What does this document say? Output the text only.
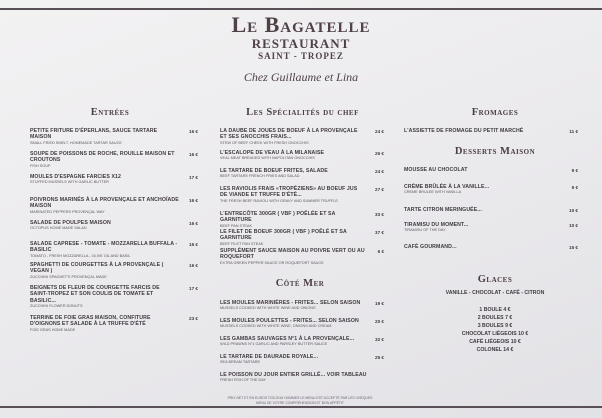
Le Bagatelle
RESTAURANT
SAINT - TROPEZ
Chez Guillaume et Lina
Entrées
PETITE FRITURE D'ÉPERLANS, SAUCE TARTARE MAISON
SMALL FRIED SMELT, HOMEMADE TARTAR SAUCE
16 €
SOUPE DE POISSONS DE ROCHE, ROUILLE MAISON ET CROUTONS
FISH SOUP
16 €
MOULES D'ESPAGNE FARCIES X12
STUFFED MUSSELS WITH GARLIC BUTTER
17 €
POIVRONS MARINÉS À LA PROVENÇALE ET ANCHOÏADE MAISON
MARINATED PEPPERS PROVENÇAL WAY
16 €
SALADE DE POULPES MAISON
OCTOPUS HOME MADE SALAD
16 €
SALADE CAPRESE - TOMATE - MOZZARELLA BUFFALA - BASILIC
TOMATO - FRESH MOZZARELLA - OLIVE OIL AND BASIL
16 €
SPAGHETTI DE COURGETTES À LA PROVENÇALE ( VEGAN )
ZUCCHINI SPAGHETTI PROVENÇAL MADE
16 €
BEIGNETS DE FLEUR DE COURGETTE FARCIS DE SAINT-TROPEZ ET SON COULIS DE TOMATE ET BASILIC...
ZUCCHINI FLOWER DONUTS
17 €
TERRINE DE FOIE GRAS MAISON, CONFITURE D'OIGNONS ET SALADE À LA TRUFFE D'ÉTÉ
FOIE GRAS HOME MADE
23 €
Les Spécialités du chef
LA DAUBE DE JOUES DE BOEUF À LA PROVENÇALE ET SES GNOCCHIS FRAIS...
STEW OF BEEF CHEEK WITH FRESH GNOCCHIS
24 €
L'ESCALOPE DE VEAU À LA MILANAISE
VEAL MEAT BREADED WITH NAPOLITAN GNOCCHIS
26 €
LE TARTARE DE BOEUF FRITES, SALADE
BEEF TARTARE FRENCH FRIES AND SALAD
24 €
LES RAVIOLIS FRAIS «TROPÉZIENS» AU BOEUF JUS DE VIANDE ET TRUFFE D'ÉTÉ...
THE FRESH BEEF RAVIOLI WITH GRAVY AND SUMMER TRUFFLE
27 €
L'ENTRECÔTE 300GR ( VBF ) POÊLÉE ET SA GARNITURE
BEEF PAN STEAK
33 €
LE FILET DE BOEUF 300GR ( VBF ) POÊLÉ ET SA GARNITURE
BEEF FILET PAN STEAK
37 €
SUPPLÉMENT SAUCE MAISON AU POIVRE VERT OU AU ROQUEFORT
EXTRA GREEN PEPPER SAUCE OR ROQUEFORT SAUCE
6 €
Côté Mer
LES MOULES MARINIÈRES - FRITES... SELON SAISON
MUSSELS COOKED WITH WHITE WINE AND ONIONS
19 €
LES MOULES POULETTES - FRITES... SELON SAISON
MUSSELS COOKED WITH WHITE WINE, ONIONS AND CREAM
20 €
LES GAMBAS SAUVAGES N°1 À LA PROVENÇALE...
WILD PRAWNS N°1 GARLIC AND PARSLEY BUTTER SAUCE
32 €
LE TARTARE DE DAURADE ROYALE...
SEA BREAM TARTARE
25 €
LE POISSON DU JOUR ENTIER GRILLÉ... VOIR TABLEAU
FRESH FISH OF THE DAY
Fromages
L'ASSIETTE DE FROMAGE DU PETIT MARCHÉ	11 €
Desserts Maison
MOUSSE AU CHOCOLAT	9 €
CRÈME BRÛLÉE À LA VANILLE...
CREME BRULEE WITH VANILLA
9 €
TARTE CITRON MERINGUÉE...	10 €
TIRAMISU DU MOMENT...
TIRAMISU OF THE DAY
10 €
CAFÉ GOURMAND...	15 €
Glaces
VANILLE - CHOCOLAT - CAFÉ - CITRON
1 BOULE 4 €
2 BOULES 7 €
3 BOULES 9 €
CHOCOLAT LIÉGEOIS 10 €
CAFÉ LIÉGEOIS 10 €
COLONEL 14 €
PRIX NET ET EN EUROS TCB 2016 HOMMES LE MENU EST ACCEPTÉ PAR LES CHÈQUES
MENU DE VOTRE COMPRÉHENSION ET BON APPÉTIT
